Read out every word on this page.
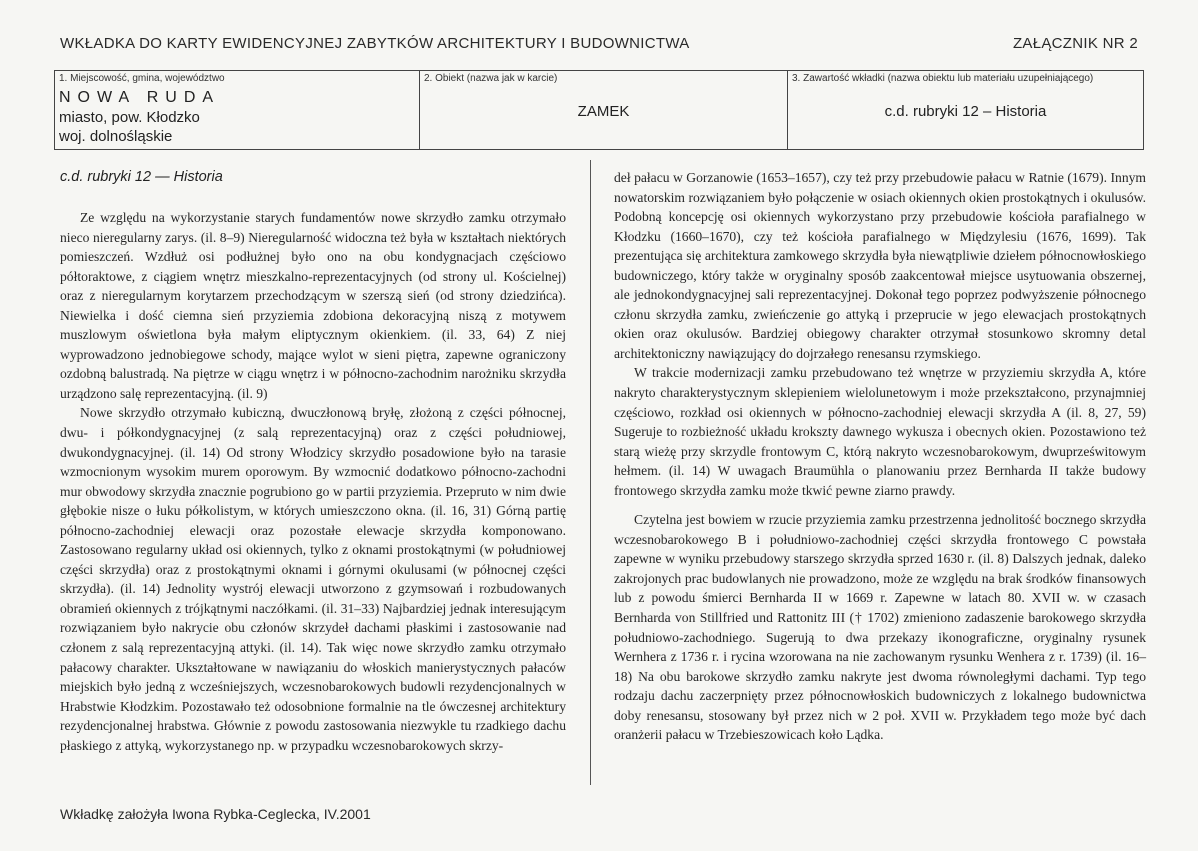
WKŁADKA DO KARTY EWIDENCYJNEJ ZABYTKÓW ARCHITEKTURY I BUDOWNICTWA	ZAŁĄCZNIK NR 2
1. Miejscowość, gmina, województwo
NOWA RUDA
miasto, pow. Kłodzko
woj. dolnośląskie
2. Obiekt (nazwa jak w karcie)
ZAMEK
3. Zawartość wkładki (nazwa obiektu lub materiału uzupełniającego)
c.d. rubryki 12 – Historia
c.d. rubryki 12 — Historia

Ze względu na wykorzystanie starych fundamentów nowe skrzydło zamku otrzymało nieco nieregularny zarys. (il. 8–9) Nieregularność widoczna też była w kształtach niektórych pomieszczeń. Wzdłuż osi podłużnej było ono na obu kondygnacjach częściowo półtoraktowe, z ciągiem wnętrz mieszkalno-reprezentacyjnych (od strony ul. Kościelnej) oraz z nieregularnym korytarzem przechodzącym w szerszą sień (od strony dziedzińca). Niewielka i dość ciemna sień przyziemia zdobiona dekoracyjną niszą z motywem muszlowym oświetlona była małym eliptycznym okienkiem. (il. 33, 64) Z niej wyprowadzono jednobiegowe schody, mające wylot w sieni piętra, zapewne ograniczony ozdobną balustradą. Na piętrze w ciągu wnętrz i w północno-zachodnim narożniku skrzydła urządzono salę reprezentacyjną. (il. 9)

Nowe skrzydło otrzymało kubiczną, dwuczłonową bryłę, złożoną z części północnej, dwu- i półkondygnacyjnej (z salą reprezentacyjną) oraz z części południowej, dwukondygnacyjnej. (il. 14) Od strony Włodzicy skrzydło posadowione było na tarasie wzmocnionym wysokim murem oporowym. By wzmocnić dodatkowo północno-zachodni mur obwodowy skrzydła znacznie pogrubiono go w partii przyziemia. Przeprutо w nim dwie głębokie nisze o łuku półkolistym, w których umieszczono okna. (il. 16, 31) Górną partię północno-zachodniej elewacji oraz pozostałe elewacje skrzydła komponowano. Zastosowano regularny układ osi okiennych, tylko z oknami prostokątnymi (w południowej części skrzydła) oraz z prostokątnymi oknami i górnymi okulusami (w północnej części skrzydła). (il. 14) Jednolity wystrój elewacji utworzono z gzymsowań i rozbudowanych obramień okiennych z trójkątnymi naczółkami. (il. 31–33) Najbardziej jednak interesującym rozwiązaniem było nakrycie obu członów skrzydeł dachami płaskimi i zastosowanie nad członem z salą reprezentacyjną attyki. (il. 14). Tak więc nowe skrzydło zamku otrzymało pałacowy charakter. Ukształtowane w nawiązaniu do włoskich manierystycznych pałaców miejskich było jedną z wcześniejszych, wczesnobarokowych budowli rezydencjonalnych w Hrabstwie Kłodzkim. Pozostawało też odosobnione formalnie na tle ówczesnej architektury rezydencjonalnej hrabstwa. Głównie z powodu zastosowania niezwykle tu rzadkiego dachu płaskiego z attyką, wykorzystanego np. w przypadku wczesnobarokowych skrzy-

deł pałacu w Gorzanowie (1653–1657), czy też przy przebudowie pałacu w Ratnie (1679). Innym nowatorskim rozwiązaniem było połączenie w osiach okiennych okien prostokątnych i okulusów. Podobną koncepcję osi okiennych wykorzystano przy przebudowie kościoła parafialnego w Kłodzku (1660–1670), czy też kościoła parafialnego w Międzylesiu (1676, 1699). Tak prezentująca się architektura zamkowego skrzydła była niewątpliwie dziełem północnowłoskiego budowniczego, który także w oryginalny sposób zaakcentował miejsce usytuowania obszernej, ale jednokondygnacyjnej sali reprezentacyjnej. Dokonał tego poprzez podwyższenie północnego członu skrzydła zamku, zwieńczenie go attyką i przeprucie w jego elewacjach prostokątnych okien oraz okulusów. Bardziej obiegowy charakter otrzymał stosunkowo skromny detal architektoniczny nawiązujący do dojrzałego renesansu rzymskiego.

W trakcie modernizacji zamku przebudowano też wnętrze w przyziemiu skrzydła A, które nakryto charakterystycznym sklepieniem wielolunetowym i może przekształcono, przynajmniej częściowo, rozkład osi okiennych w północno-zachodniej elewacji skrzydła A (il. 8, 27, 59) Sugeruje to rozbieżność układu krokszty dawnego wykusza i obecnych okien. Pozostawiono też starą wieżę przy skrzydle frontowym C, którą nakryto wczesnobarokowym, dwuprześwitowym hełmem. (il. 14) W uwagach Braumühla o planowaniu przez Bernharda II także budowy frontowego skrzydła zamku może tkwić pewne ziarno prawdy.

Czytelna jest bowiem w rzucie przyziemia zamku przestrzenna jednolitość bocznego skrzydła wczesnobarokowego B i południowo-zachodniej części skrzydła frontowego C powstała zapewne w wyniku przebudowy starszego skrzydła sprzed 1630 r. (il. 8) Dalszych jednak, daleko zakrojonych prac budowlanych nie prowadzono, może ze względu na brak środków finansowych lub z powodu śmierci Bernharda II w 1669 r. Zapewne w latach 80. XVII w. w czasach Bernharda von Stillfried und Rattonitz III († 1702) zmieniono zadaszenie barokowego skrzydła południowo-zachodniego. Sugerują to dwa przekazy ikonograficzne, oryginalny rysunek Wernhera z 1736 r. i rycina wzorowana na nie zachowanym rysunku Wenhera z r. 1739) (il. 16–18) Na obu barokowe skrzydło zamku nakryte jest dwoma równoległymi dachami. Typ tego rodzaju dachu zaczerpnięty przez północnowłoskich budowniczych z lokalnego budownictwa doby renesansu, stosowany był przez nich w 2 poł. XVII w. Przykładem tego może być dach oranżerii pałacu w Trzebieszowicach koło Lądka.

Wkładkę założyła Iwona Rybka-Ceglecka, IV.2001
